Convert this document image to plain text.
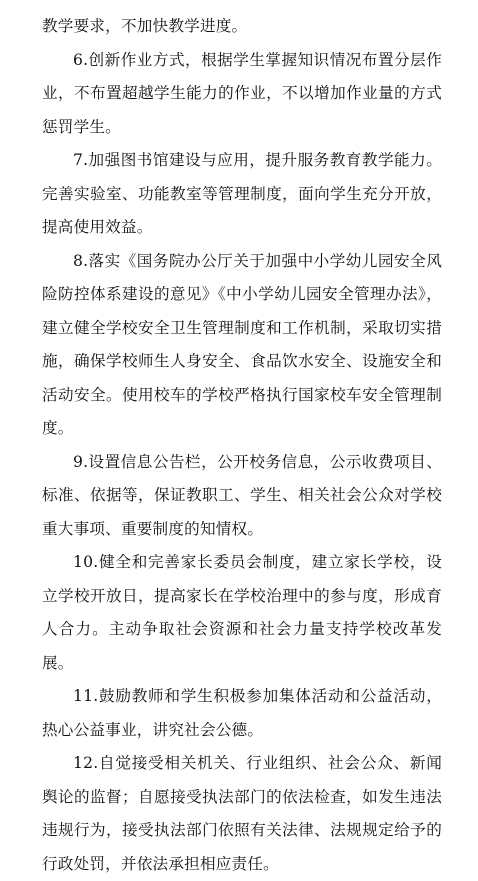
教学要求，不加快教学进度。

6.创新作业方式，根据学生掌握知识情况布置分层作业，不布置超越学生能力的作业，不以增加作业量的方式惩罚学生。

7.加强图书馆建设与应用，提升服务教育教学能力。完善实验室、功能教室等管理制度，面向学生充分开放，提高使用效益。

8.落实《国务院办公厅关于加强中小学幼儿园安全风险防控体系建设的意见》《中小学幼儿园安全管理办法》，建立健全学校安全卫生管理制度和工作机制，采取切实措施，确保学校师生人身安全、食品饮水安全、设施安全和活动安全。使用校车的学校严格执行国家校车安全管理制度。

9.设置信息公告栏，公开校务信息，公示收费项目、标准、依据等，保证教职工、学生、相关社会公众对学校重大事项、重要制度的知情权。

10.健全和完善家长委员会制度，建立家长学校，设立学校开放日，提高家长在学校治理中的参与度，形成育人合力。主动争取社会资源和社会力量支持学校改革发展。

11.鼓励教师和学生积极参加集体活动和公益活动，热心公益事业，讲究社会公德。

12.自觉接受相关机关、行业组织、社会公众、新闻舆论的监督；自愿接受执法部门的依法检查，如发生违法违规行为，接受执法部门依照有关法律、法规规定给予的行政处罚，并依法承担相应责任。
